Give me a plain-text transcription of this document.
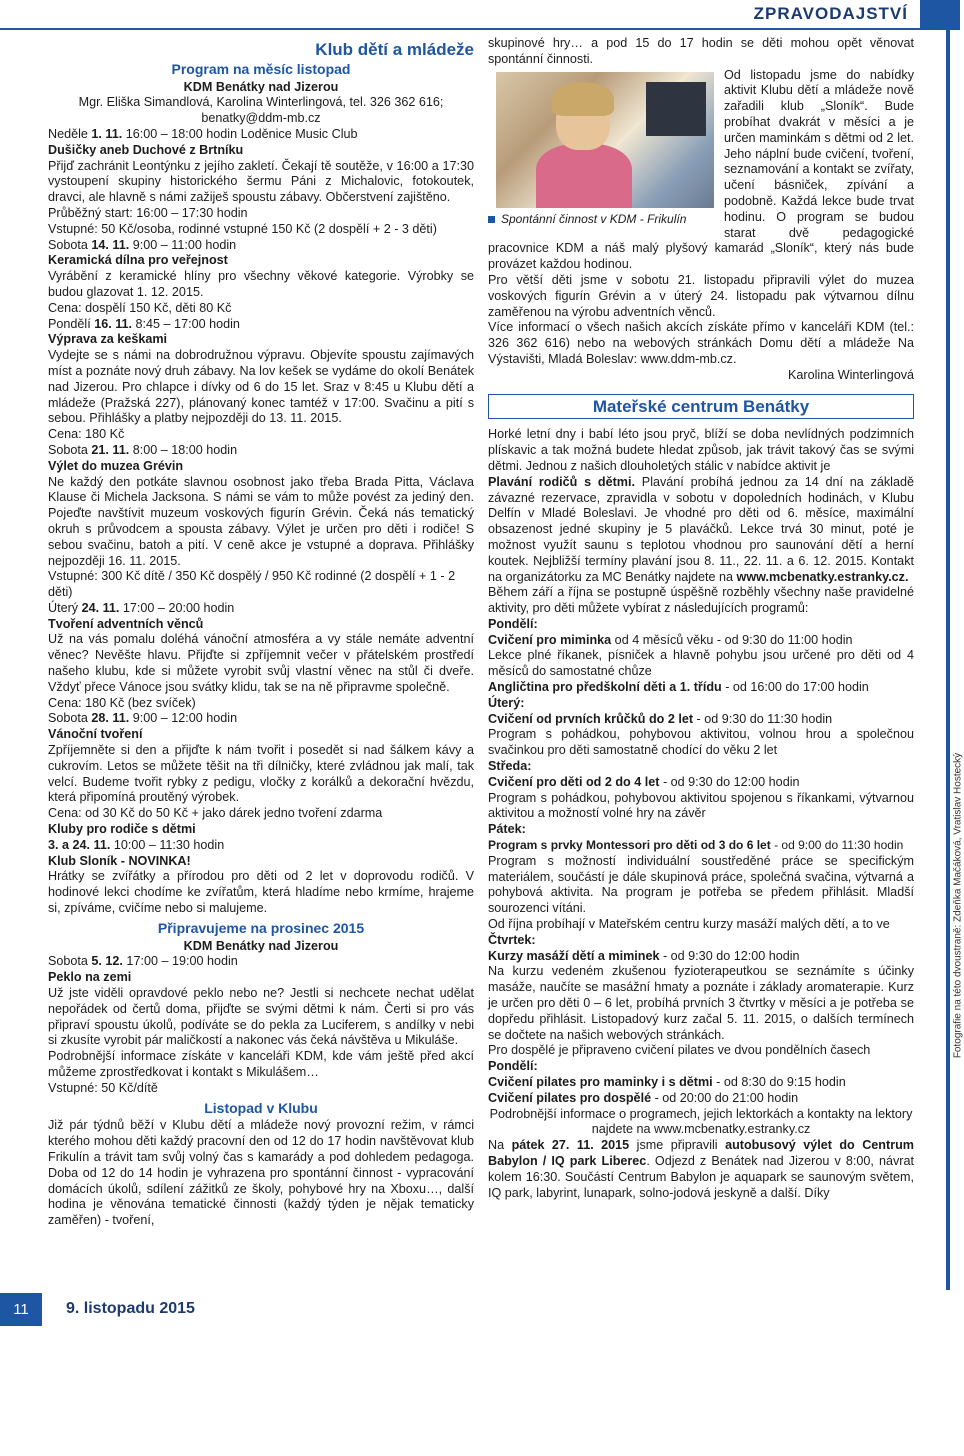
ZPRAVODAJSTVÍ
Fotografie na této dvoustraně: Zdeňka Mačáková, Vratislav Hostecký
Klub dětí a mládeže
Program na měsíc listopad

KDM Benátky nad Jizerou

Mgr. Eliška Simandlová, Karolina Winterlingová, tel. 326 362 616;

benatky@ddm-mb.cz

Neděle 1. 11. 16:00 – 18:00 hodin Loděnice Music Club

Dušičky aneb Duchové z Brtníku

Přijď zachránit Leontýnku z jejího zakletí. Čekají tě soutěže, v 16:00 a 17:30 vystoupení skupiny historického šermu Páni z Michalovic, fotokoutek, dravci, ale hlavně s námi zažiješ spoustu zábavy. Občerstvení zajištěno.

Průběžný start: 16:00 – 17:30 hodin

Vstupné: 50 Kč/osoba, rodinné vstupné 150 Kč (2 dospělí + 2 - 3 děti)

Sobota 14. 11. 9:00 – 11:00 hodin

Keramická dílna pro veřejnost

Vyrábění z keramické hlíny pro všechny věkové kategorie. Výrobky se budou glazovat 1. 12. 2015.

Cena: dospělí 150 Kč, děti 80 Kč

Pondělí 16. 11. 8:45 – 17:00 hodin

Výprava za keškami

Vydejte se s námi na dobrodružnou výpravu. Objevíte spoustu zajímavých míst a poznáte nový druh zábavy. Na lov kešek se vydáme do okolí Benátek nad Jizerou. Pro chlapce i dívky od 6 do 15 let. Sraz v 8:45 u Klubu dětí a mládeže (Pražská 227), plánovaný konec tamtéž v 17:00. Svačinu a pití s sebou. Přihlášky a platby nejpozději do 13. 11. 2015.

Cena: 180 Kč

Sobota 21. 11. 8:00 – 18:00 hodin

Výlet do muzea Grévin

Ne každý den potkáte slavnou osobnost jako třeba Brada Pitta, Václava Klause či Michela Jacksona. S námi se vám to může povést za jediný den. Pojeďte navštívit muzeum voskových figurín Grévin. Čeká nás tematický okruh s průvodcem a spousta zábavy. Výlet je určen pro děti i rodiče! S sebou svačinu, batoh a pití. V ceně akce je vstupné a doprava. Přihlášky nejpozději 16. 11. 2015.

Vstupné: 300 Kč dítě / 350 Kč dospělý / 950 Kč rodinné (2 dospělí + 1 - 2 děti)

Úterý 24. 11. 17:00 – 20:00 hodin

Tvoření adventních věnců

Už na vás pomalu doléhá vánoční atmosféra a vy stále nemáte adventní věnec? Nevěšte hlavu. Přijďte si zpříjemnit večer v přátelském prostředí našeho klubu, kde si můžete vyrobit svůj vlastní věnec na stůl či dveře. Vždyť přece Vánoce jsou svátky klidu, tak se na ně připravme společně.

Cena: 180 Kč (bez svíček)

Sobota 28. 11. 9:00 – 12:00 hodin

Vánoční tvoření

Zpříjemněte si den a přijďte k nám tvořit i posedět si nad šálkem kávy a cukrovím. Letos se můžete těšit na tři dílničky, které zvládnou jak malí, tak velcí. Budeme tvořit rybky z pedigu, vločky z korálků a dekorační hvězdu, která připomíná proutěný výrobek.

Cena: od 30 Kč do 50 Kč + jako dárek jedno tvoření zdarma

Kluby pro rodiče s dětmi

3. a 24. 11. 10:00 – 11:30 hodin

Klub Sloník - NOVINKA!

Hrátky se zvířátky a přírodou pro děti od 2 let v doprovodu rodičů. V hodinové lekci chodíme ke zvířatům, která hladíme nebo krmíme, hrajeme si, zpíváme, cvičíme nebo si malujeme.

Připravujeme na prosinec 2015

KDM Benátky nad Jizerou

Sobota 5. 12. 17:00 – 19:00 hodin

Peklo na zemi

Už jste viděli opravdové peklo nebo ne? Jestli si nechcete nechat udělat nepořádek od čertů doma, přijďte se svými dětmi k nám. Čerti si pro vás připraví spoustu úkolů, podíváte se do pekla za Luciferem, s andílky v nebi si zkusíte vyrobit pár maličkostí a nakonec vás čeká návštěva u Mikuláše.

Podrobnější informace získáte v kanceláři KDM, kde vám ještě před akcí můžeme zprostředkovat i kontakt s Mikulášem…

Vstupné: 50 Kč/dítě

Listopad v Klubu

Již pár týdnů běží v Klubu dětí a mládeže nový provozní režim, v rámci kterého mohou děti každý pracovní den od 12 do 17 hodin navštěvovat klub Frikulín a trávit tam svůj volný čas s kamarády a pod dohledem pedagoga. Doba od 12 do 14 hodin je vyhrazena pro spontánní činnost - vypracování domácích úkolů, sdílení zážitků ze školy, pohybové hry na Xboxu…, další hodina je věnována tematické činnosti (každý týden je nějak tematicky zaměřen) - tvoření,

skupinové hry… a pod 15 do 17 hodin se děti mohou opět věnovat spontánní činnosti.

Spontánní činnost v KDM - Frikulín

Od listopadu jsme do nabídky aktivit Klubu dětí a mládeže nově zařadili klub „Sloník“. Bude probíhat dvakrát v měsíci a je určen maminkám s dětmi od 2 let. Jeho náplní bude cvičení, tvoření, seznamování a kontakt se zvířaty, učení básniček, zpívání a podobně. Každá lekce bude trvat hodinu. O program se budou starat dvě pedagogické pracovnice KDM a náš malý plyšový kamarád „Sloník“, který nás bude provázet každou hodinou.

Pro větší děti jsme v sobotu 21. listopadu připravili výlet do muzea voskových figurín Grévin a v úterý 24. listopadu pak výtvarnou dílnu zaměřenou na výrobu adventních věnců.

Více informací o všech našich akcích získáte přímo v kanceláři KDM (tel.: 326 362 616) nebo na webových stránkách Domu dětí a mládeže Na Výstavišti, Mladá Boleslav: www.ddm-mb.cz.

Karolina Winterlingová

Mateřské centrum Benátky

Horké letní dny i babí léto jsou pryč, blíží se doba nevlídných podzimních plískavic a tak možná budete hledat způsob, jak trávit takový čas se svými dětmi. Jednou z našich dlouholetých stálic v nabídce aktivit je

Plavání rodičů s dětmi. Plavání probíhá jednou za 14 dní na základě závazné rezervace, zpravidla v sobotu v dopoledních hodinách, v Klubu Delfín v Mladé Boleslavi. Je vhodné pro děti od 6. měsíce, maximální obsazenost jedné skupiny je 5 plaváčků. Lekce trvá 30 minut, poté je možnost využít saunu s teplotou vhodnou pro saunování dětí a herní koutek. Nejbližší termíny plavání jsou 8. 11., 22. 11. a 6. 12. 2015. Kontakt na organizátorku za MC Benátky najdete na www.mcbenatky.estranky.cz.

Během září a října se postupně úspěšně rozběhly všechny naše pravidelné aktivity, pro děti můžete vybírat z následujících programů:

Pondělí:

Cvičení pro miminka od 4 měsíců věku - od 9:30 do 11:00 hodin

Lekce plné říkanek, písniček a hlavně pohybu jsou určené pro děti od 4 měsíců do samostatné chůze

Angličtina pro předškolní děti a 1. třídu - od 16:00 do 17:00 hodin

Úterý:

Cvičení od prvních krůčků do 2 let - od 9:30 do 11:30 hodin

Program s pohádkou, pohybovou aktivitou, volnou hrou a společnou svačinkou pro děti samostatně chodící do věku 2 let

Středa:

Cvičení pro děti od 2 do 4 let - od 9:30 do 12:00 hodin

Program s pohádkou, pohybovou aktivitou spojenou s říkankami, výtvarnou aktivitou a možností volné hry na závěr

Pátek:

Program s prvky Montessori pro děti od 3 do 6 let - od 9:00 do 11:30 hodin

Program s možností individuální soustředěné práce se specifickým materiálem, součástí je dále skupinová práce, společná svačina, výtvarná a pohybová aktivita. Na program je potřeba se předem přihlásit. Mladší sourozenci vítáni.

Od října probíhají v Mateřském centru kurzy masáží malých dětí, a to ve

Čtvrtek:

Kurzy masáží dětí a miminek - od 9:30 do 12:00 hodin

Na kurzu vedeném zkušenou fyzioterapeutkou se seznámíte s účinky masáže, naučíte se masážní hmaty a poznáte i základy aromaterapie. Kurz je určen pro děti 0 – 6 let, probíhá prvních 3 čtvrtky v měsíci a je potřeba se dopředu přihlásit. Listopadový kurz začal 5. 11. 2015, o dalších termínech se dočtete na našich webových stránkách.

Pro dospělé je připraveno cvičení pilates ve dvou pondělních časech

Pondělí:

Cvičení pilates pro maminky i s dětmi - od 8:30 do 9:15 hodin

Cvičení pilates pro dospělé - od 20:00 do 21:00 hodin

Podrobnější informace o programech, jejich lektorkách a kontakty na lektory najdete na www.mcbenatky.estranky.cz

Na pátek 27. 11. 2015 jsme připravili autobusový výlet do Centrum Babylon / IQ park Liberec. Odjezd z Benátek nad Jizerou v 8:00, návrat kolem 16:30. Součástí Centrum Babylon je aquapark se saunovým světem, IQ park, labyrint, lunapark, solno-jodová jeskyně a další. Díky

11	9. listopadu 2015
